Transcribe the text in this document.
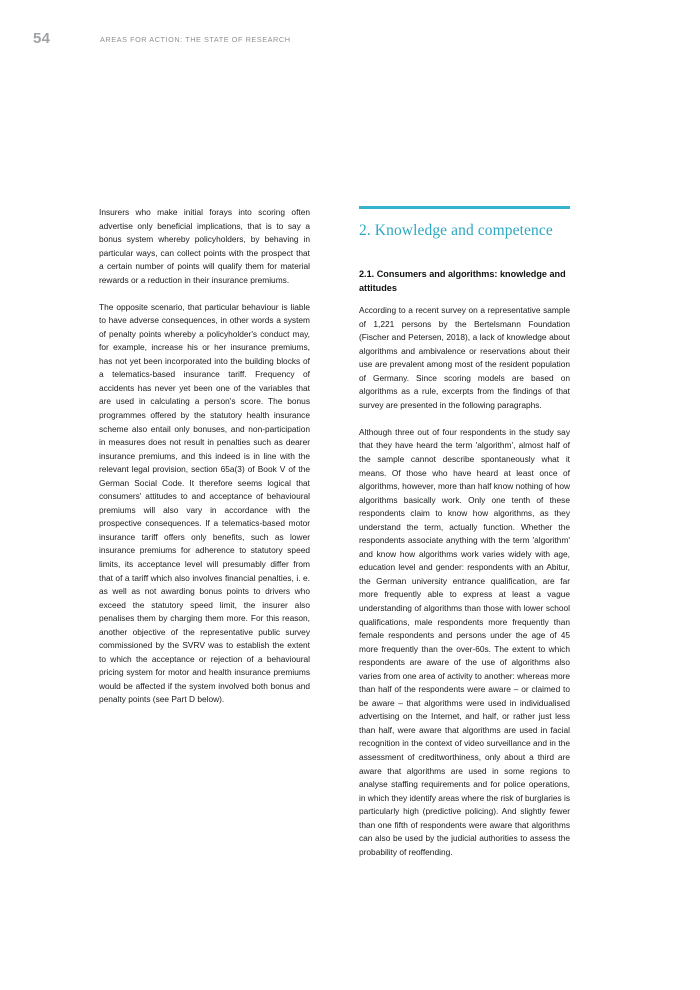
54	AREAS FOR ACTION: THE STATE OF RESEARCH

Insurers who make initial forays into scoring often advertise only beneficial implications, that is to say a bonus system whereby policyholders, by behaving in particular ways, can collect points with the prospect that a certain number of points will qualify them for material rewards or a reduction in their insurance premiums.

The opposite scenario, that particular behaviour is liable to have adverse consequences, in other words a system of penalty points whereby a policyholder's conduct may, for example, increase his or her insurance premiums, has not yet been incorporated into the building blocks of a telematics-based insurance tariff. Frequency of accidents has never yet been one of the variables that are used in calculating a person's score. The bonus programmes offered by the statutory health insurance scheme also entail only bonuses, and non-participation in measures does not result in penalties such as dearer insurance premiums, and this indeed is in line with the relevant legal provision, section 65a(3) of Book V of the German Social Code. It therefore seems logical that consumers' attitudes to and acceptance of behavioural premiums will also vary in accordance with the prospective consequences. If a telematics-based motor insurance tariff offers only benefits, such as lower insurance premiums for adherence to statutory speed limits, its acceptance level will presumably differ from that of a tariff which also involves financial penalties, i. e. as well as not awarding bonus points to drivers who exceed the statutory speed limit, the insurer also penalises them by charging them more. For this reason, another objective of the representative public survey commissioned by the SVRV was to establish the extent to which the acceptance or rejection of a behavioural pricing system for motor and health insurance premiums would be affected if the system involved both bonus and penalty points (see Part D below).

2. Knowledge and competence
2.1. Consumers and algorithms: knowledge and attitudes

According to a recent survey on a representative sample of 1,221 persons by the Bertelsmann Foundation (Fischer and Petersen, 2018), a lack of knowledge about algorithms and ambivalence or reservations about their use are prevalent among most of the resident population of Germany. Since scoring models are based on algorithms as a rule, excerpts from the findings of that survey are presented in the following paragraphs.

Although three out of four respondents in the study say that they have heard the term 'algorithm', almost half of the sample cannot describe spontaneously what it means. Of those who have heard at least once of algorithms, however, more than half know nothing of how algorithms basically work. Only one tenth of these respondents claim to know how algorithms, as they understand the term, actually function. Whether the respondents associate anything with the term 'algorithm' and know how algorithms work varies widely with age, education level and gender: respondents with an Abitur, the German university entrance qualification, are far more frequently able to express at least a vague understanding of algorithms than those with lower school qualifications, male respondents more frequently than female respondents and persons under the age of 45 more frequently than the over-60s. The extent to which respondents are aware of the use of algorithms also varies from one area of activity to another: whereas more than half of the respondents were aware – or claimed to be aware – that algorithms were used in individualised advertising on the Internet, and half, or rather just less than half, were aware that algorithms are used in facial recognition in the context of video surveillance and in the assessment of creditworthiness, only about a third are aware that algorithms are used in some regions to analyse staffing requirements and for police operations, in which they identify areas where the risk of burglaries is particularly high (predictive policing). And slightly fewer than one fifth of respondents were aware that algorithms can also be used by the judicial authorities to assess the probability of reoffending.
